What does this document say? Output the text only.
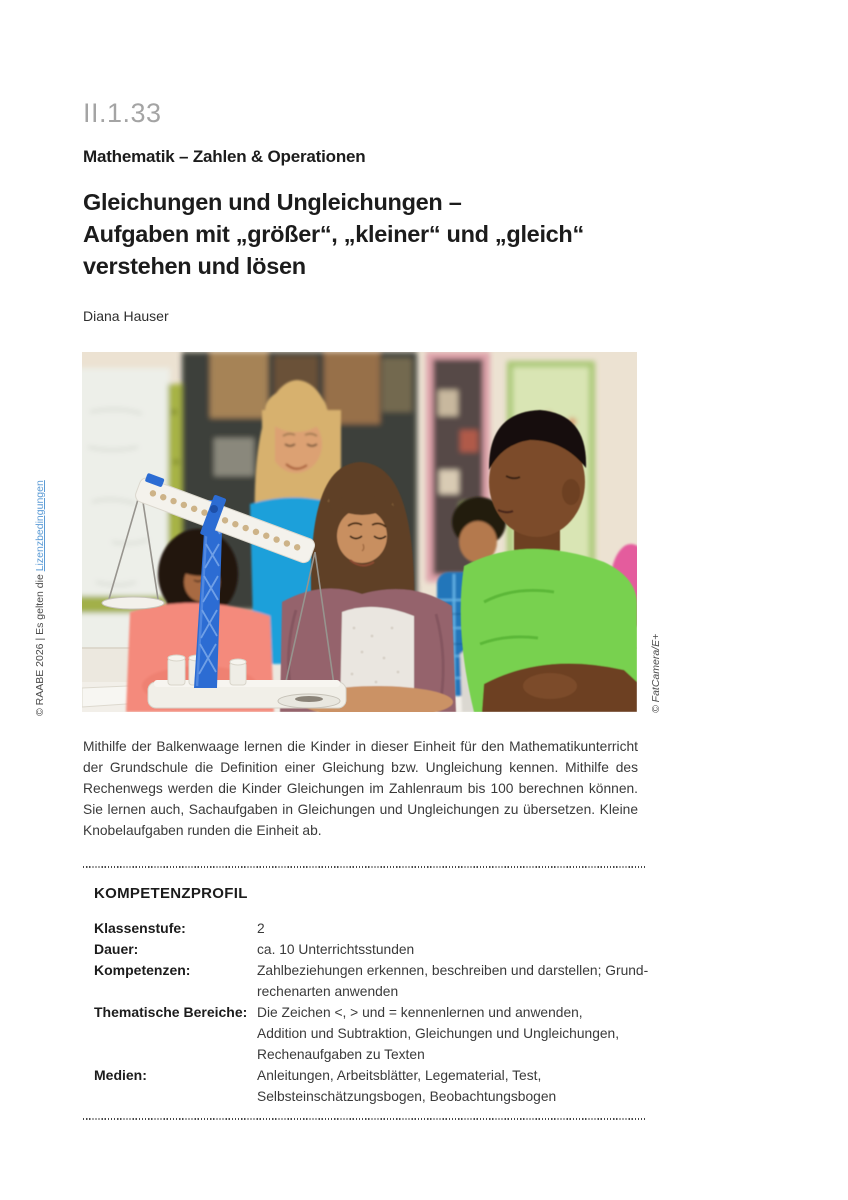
II.1.33
Mathematik – Zahlen & Operationen
Gleichungen und Ungleichungen –
Aufgaben mit „größer“, „kleiner“ und „gleich“
verstehen und lösen
Diana Hauser
© RAABE 2026 | Es gelten die Lizenzbedingungen
© FatCamera/E+
Mithilfe der Balkenwaage lernen die Kinder in dieser Einheit für den Mathematikunterricht der Grundschule die Definition einer Gleichung bzw. Ungleichung kennen. Mithilfe des Rechenwegs werden die Kinder Gleichungen im Zahlenraum bis 100 berechnen können. Sie lernen auch, Sachaufgaben in Gleichungen und Ungleichungen zu übersetzen. Kleine Knobelaufgaben runden die Einheit ab.
KOMPETENZPROFIL
Klassenstufe:	2
Dauer:	ca. 10 Unterrichtsstunden
Kompetenzen:	Zahlbeziehungen erkennen, beschreiben und darstellen; Grund-
rechenarten anwenden
Thematische Bereiche: Die Zeichen <, > und = kennenlernen und anwenden,
Addition und Subtraktion, Gleichungen und Ungleichungen,
Rechenaufgaben zu Texten
Medien:	Anleitungen, Arbeitsblätter, Legematerial, Test,
Selbsteinschätzungsbogen, Beobachtungsbogen
